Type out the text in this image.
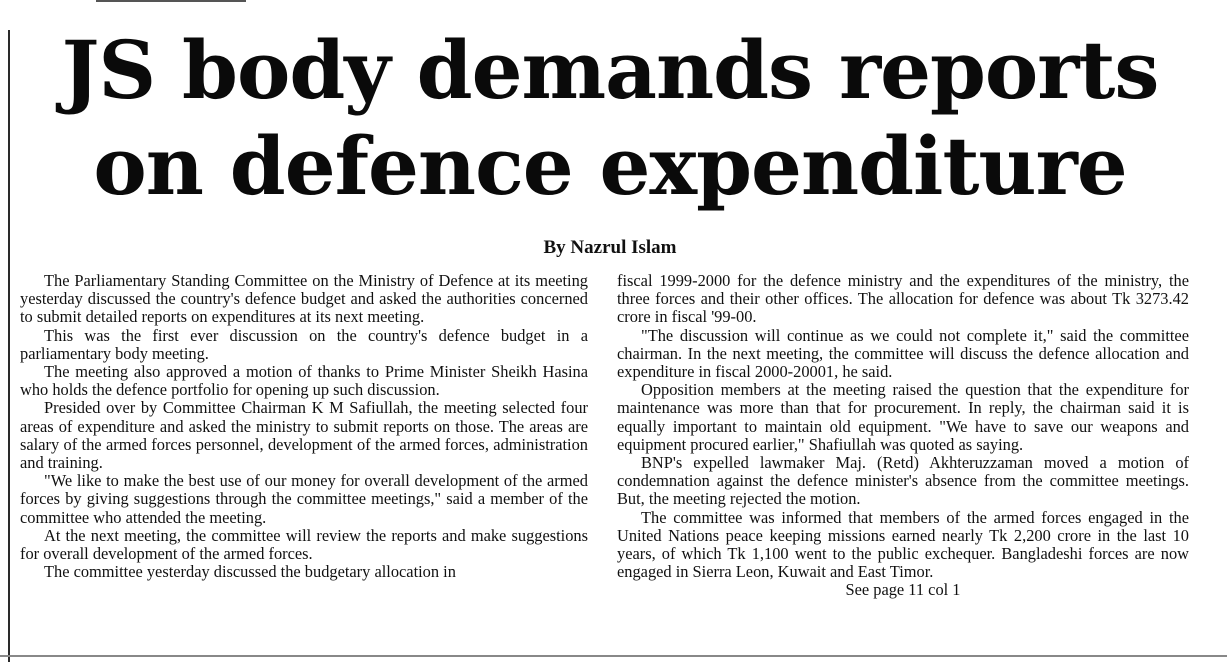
JS body demands reports on defence expenditure
By Nazrul Islam

The Parliamentary Standing Committee on the Ministry of Defence at its meeting yesterday discussed the country's defence budget and asked the authorities concerned to submit detailed reports on expenditures at its next meeting.

This was the first ever discussion on the country's defence budget in a parliamentary body meeting.

The meeting also approved a motion of thanks to Prime Minister Sheikh Hasina who holds the defence portfolio for opening up such discussion.

Presided over by Committee Chairman K M Safiullah, the meeting selected four areas of expenditure and asked the ministry to submit reports on those. The areas are salary of the armed forces personnel, development of the armed forces, administration and training.

"We like to make the best use of our money for overall development of the armed forces by giving suggestions through the committee meetings," said a member of the committee who attended the meeting.

At the next meeting, the committee will review the reports and make suggestions for overall development of the armed forces.

The committee yesterday discussed the budgetary allocation in

fiscal 1999-2000 for the defence ministry and the expenditures of the ministry, the three forces and their other offices. The allocation for defence was about Tk 3273.42 crore in fiscal '99-00.

"The discussion will continue as we could not complete it," said the committee chairman. In the next meeting, the committee will discuss the defence allocation and expenditure in fiscal 2000-20001, he said.

Opposition members at the meeting raised the question that the expenditure for maintenance was more than that for procurement. In reply, the chairman said it is equally important to maintain old equipment. "We have to save our weapons and equipment procured earlier," Shafiullah was quoted as saying.

BNP's expelled lawmaker Maj. (Retd) Akhteruzzaman moved a motion of condemnation against the defence minister's absence from the committee meetings. But, the meeting rejected the motion.

The committee was informed that members of the armed forces engaged in the United Nations peace keeping missions earned nearly Tk 2,200 crore in the last 10 years, of which Tk 1,100 went to the public exchequer. Bangladeshi forces are now engaged in Sierra Leon, Kuwait and East Timor.

See page 11 col 1
